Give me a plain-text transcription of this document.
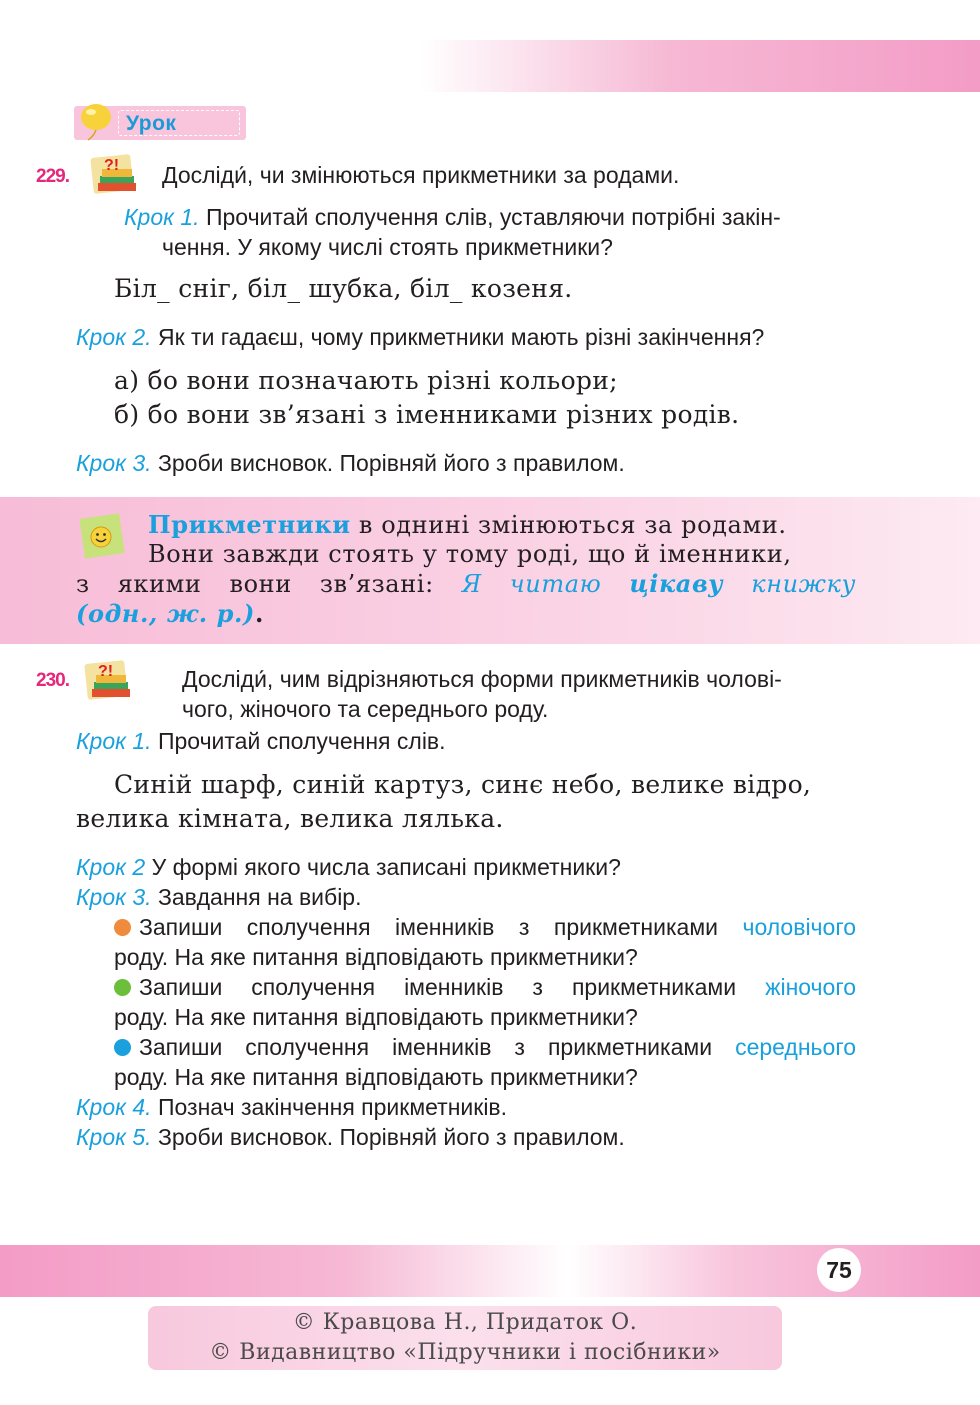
Урок
229.
?! Досліди́, чи змінюються прикметники за родами.
Крок 1. Прочитай сполучення слів, уставляючи потрібні закін-
чення. У якому числі стоять прикметники?
Біл_ сніг, біл_ шубка, біл_ козеня.
Крок 2. Як ти гадаєш, чому прикметники мають різні закінчення?
а) бо вони позначають різні кольори;
б) бо вони зв’язані з іменниками різних родів.
Крок 3. Зроби висновок. Порівняй його з правилом.
Прикметники в однині змінюються за родами.
Вони завжди стоять у тому роді, що й іменники,
з якими вони зв’язані: Я читаю цікаву книжку
(одн., ж. р.).
230. ?!	Досліди́, чим відрізняються форми прикметників чолові-
чого, жіночого та середнього роду.
Крок 1. Прочитай сполучення слів.
Синій шарф, синій картуз, синє небо, велике відро,
велика кімната, велика лялька.
Крок 2 У формі якого числа записані прикметники?
Крок 3. Завдання на вибір.
Запиши сполучення іменників з прикметниками чоловічого
роду. На яке питання відповідають прикметники?
Запиши сполучення іменників з прикметниками жіночого
роду. На яке питання відповідають прикметники?
Запиши сполучення іменників з прикметниками середнього
роду. На яке питання відповідають прикметники?
Крок 4. Познач закінчення прикметників.
Крок 5. Зроби висновок. Порівняй його з правилом.
75
© Кравцова Н., Придаток О.
© Видавництво «Підручники і посібники»
